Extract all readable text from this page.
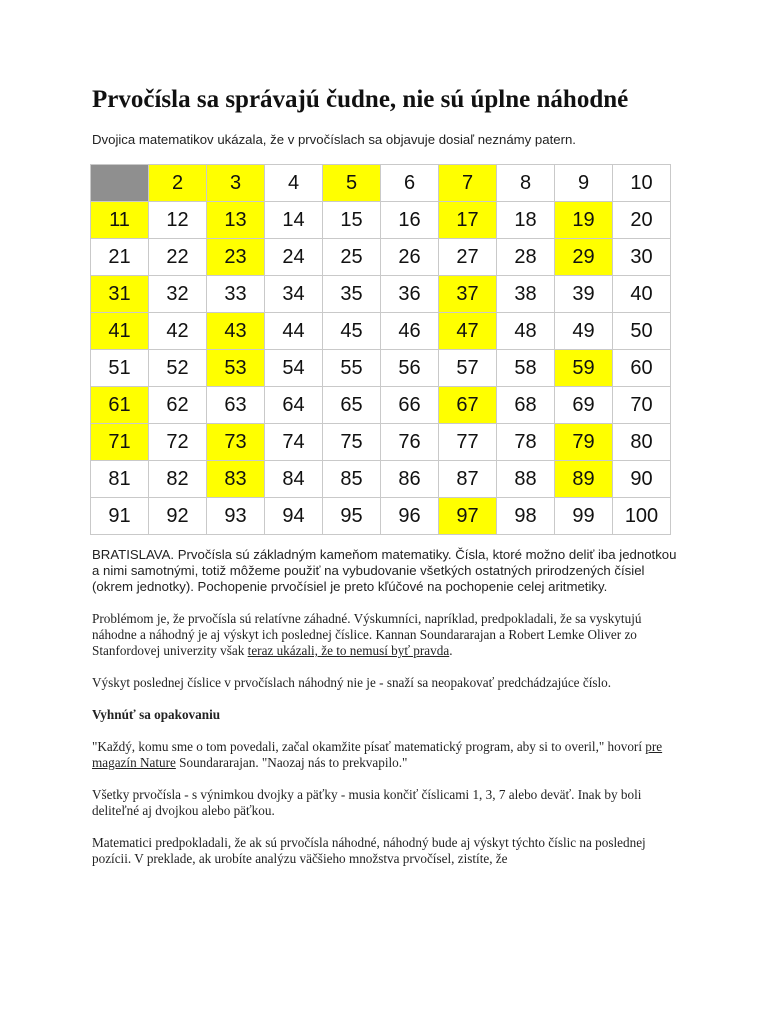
Prvočísla sa správajú čudne, nie sú úplne náhodné
Dvojica matematikov ukázala, že v prvočíslach sa objavuje dosiaľ neznámy patern.
	2	3	4	5	6	7	8	9	10
11	12	13	14	15	16	17	18	19	20
21	22	23	24	25	26	27	28	29	30
31	32	33	34	35	36	37	38	39	40
41	42	43	44	45	46	47	48	49	50
51	52	53	54	55	56	57	58	59	60
61	62	63	64	65	66	67	68	69	70
71	72	73	74	75	76	77	78	79	80
81	82	83	84	85	86	87	88	89	90
91	92	93	94	95	96	97	98	99	100

BRATISLAVA. Prvočísla sú základným kameňom matematiky. Čísla, ktoré možno deliť iba jednotkou a nimi samotnými, totiž môžeme použiť na vybudovanie všetkých ostatných prirodzených čísiel (okrem jednotky). Pochopenie prvočísiel je preto kľúčové na pochopenie celej aritmetiky.

Problémom je, že prvočísla sú relatívne záhadné. Výskumníci, napríklad, predpokladali, že sa vyskytujú náhodne a náhodný je aj výskyt ich poslednej číslice. Kannan Soundararajan a Robert Lemke Oliver zo Stanfordovej univerzity však teraz ukázali, že to nemusí byť pravda.

Výskyt poslednej číslice v prvočíslach náhodný nie je - snaží sa neopakovať predchádzajúce číslo.

Vyhnúť sa opakovaniu

"Každý, komu sme o tom povedali, začal okamžite písať matematický program, aby si to overil," hovorí pre magazín Nature Soundararajan. "Naozaj nás to prekvapilo."

Všetky prvočísla - s výnimkou dvojky a päťky - musia končiť číslicami 1, 3, 7 alebo deväť. Inak by boli deliteľné aj dvojkou alebo päťkou.

Matematici predpokladali, že ak sú prvočísla náhodné, náhodný bude aj výskyt týchto číslic na poslednej pozícii. V preklade, ak urobíte analýzu väčšieho množstva prvočísel, zistíte, že
